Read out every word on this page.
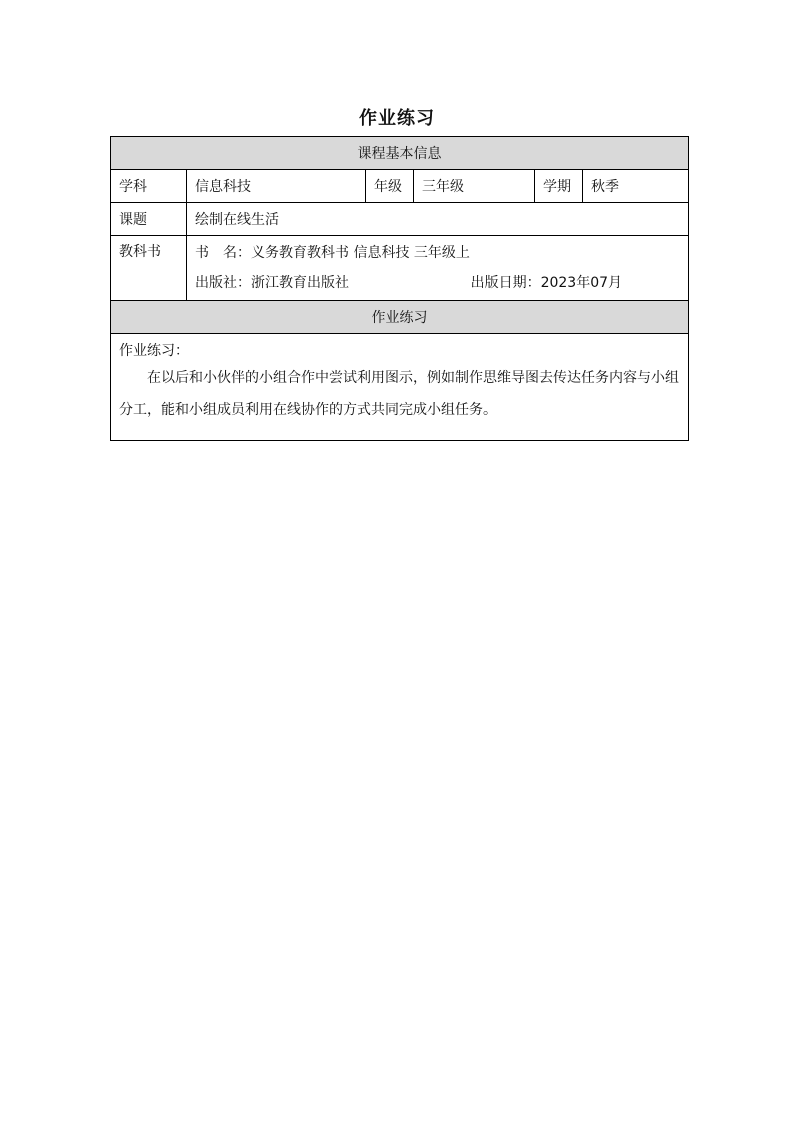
作业练习
课程基本信息					
学科	信息科技	年级	三年级	学期	秋季
课题	绘制在线生活				
教科书	书　名：义务教育教科书 信息科技 三年级上
出版社：浙江教育出版社 出版日期：2023年07月				

作业练习					

作业练习：

在以后和小伙伴的小组合作中尝试利用图示，例如制作思维导图去传达任务内容与小组分工，能和小组成员利用在线协作的方式共同完成小组任务。					
